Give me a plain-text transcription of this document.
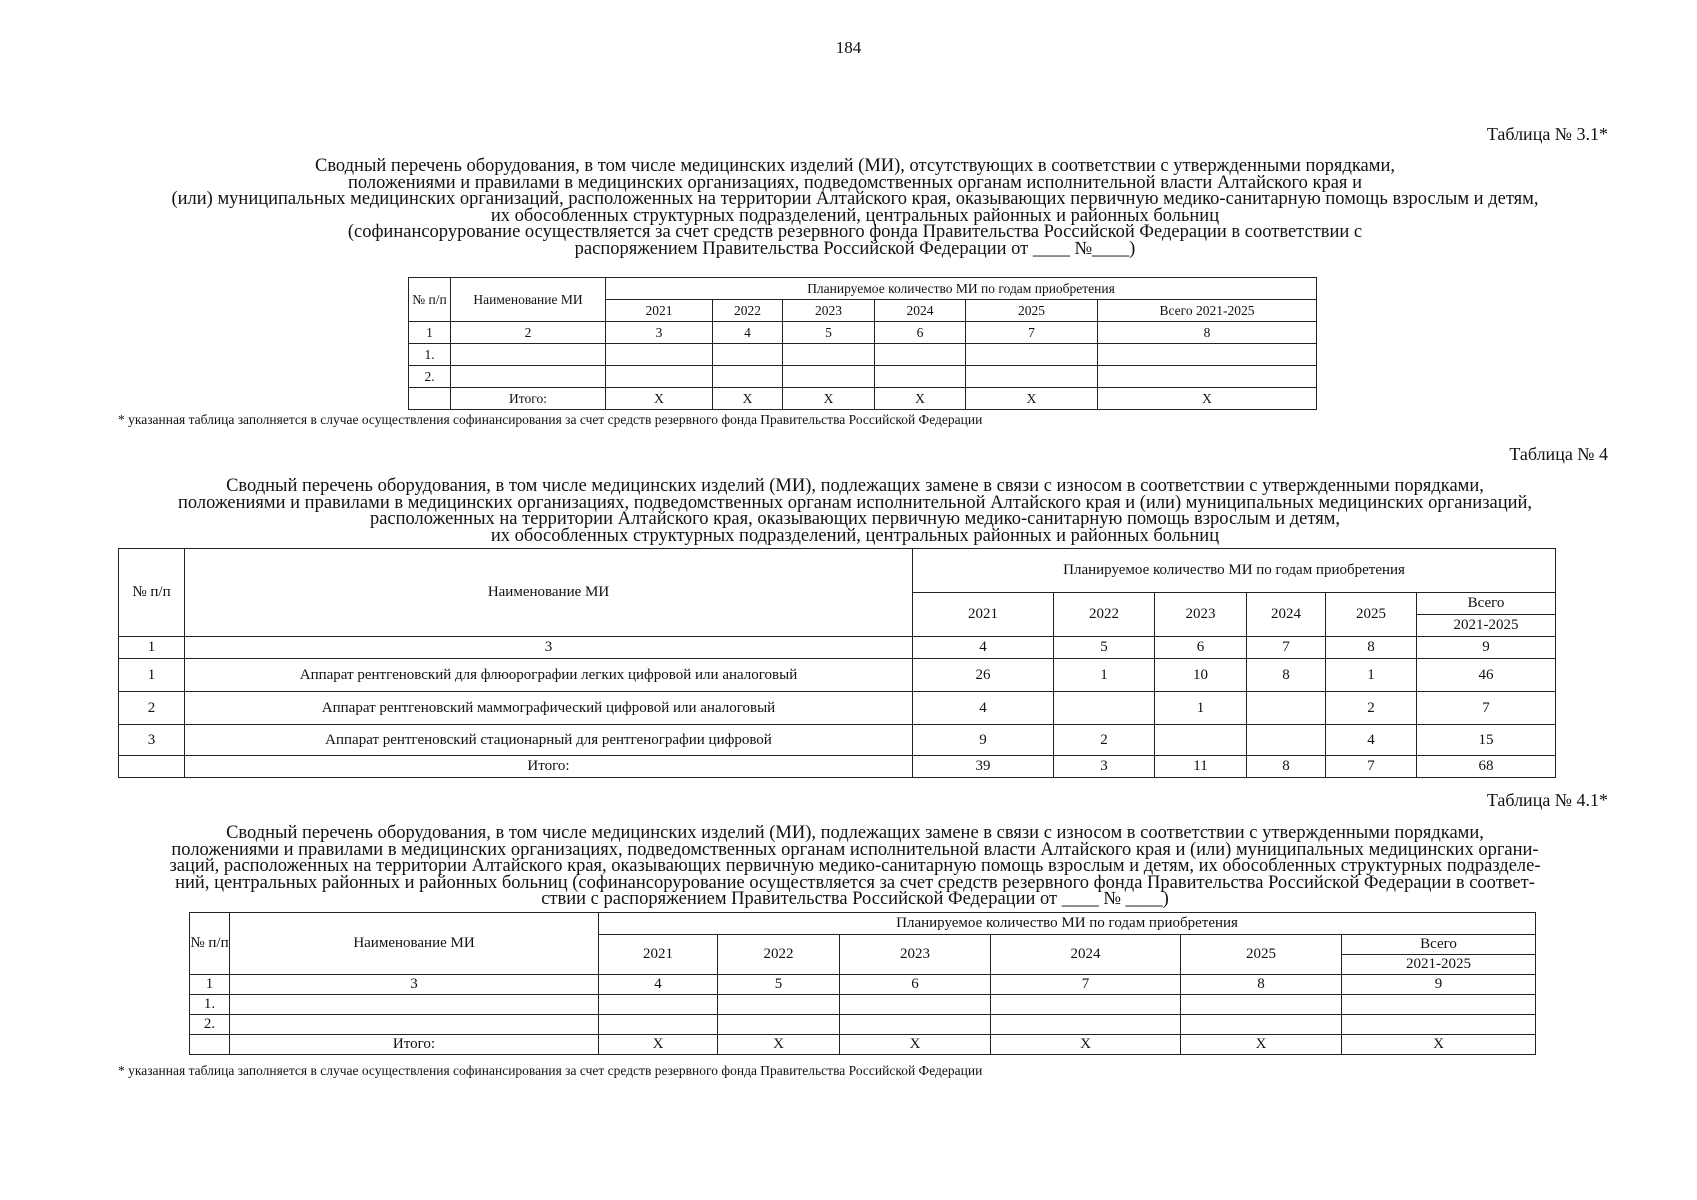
184
Таблица № 3.1*
Сводный перечень оборудования, в том числе медицинских изделий (МИ), отсутствующих в соответствии с утвержденными порядками,
положениями и правилами в медицинских организациях, подведомственных органам исполнительной власти Алтайского края и
(или) муниципальных медицинских организаций, расположенных на территории Алтайского края, оказывающих первичную медико-санитарную помощь взрослым и детям,
их обособленных структурных подразделений, центральных районных и районных больниц
(софинансорурование осуществляется за счет средств резервного фонда Правительства Российской Федерации в соответствии с
распоряжением Правительства Российской Федерации от ____ №____)
№ п/п	Наименование МИ	Планируемое количество МИ по годам приобретения					
		2021	2022	2023	2024	2025	Всего 2021-2025
1	2	3	4	5	6	7	8
1.							
2.							
	Итого:	X	X	X	X	X	X
* указанная таблица заполняется в случае осуществления софинансирования за счет средств резервного фонда Правительства Российской Федерации
Таблица № 4
Сводный перечень оборудования, в том числе медицинских изделий (МИ), подлежащих замене в связи с износом в соответствии с утвержденными порядками,
положениями и правилами в медицинских организациях, подведомственных органам исполнительной Алтайского края и (или) муниципальных медицинских организаций,
расположенных на территории Алтайского края, оказывающих первичную медико-санитарную помощь взрослым и детям,
их обособленных структурных подразделений, центральных районных и районных больниц
№ п/п	Наименование МИ	Планируемое количество МИ по годам приобретения					
		2021	2022	2023	2024	2025	Всего
							2021-2025
1	3	4	5	6	7	8	9
1	Аппарат рентгеновский для флюорографии легких цифровой или аналоговый	26	1	10	8	1	46
2	Аппарат рентгеновский маммографический цифровой или аналоговый	4		1		2	7
3	Аппарат рентгеновский стационарный для рентгенографии цифровой	9	2			4	15
	Итого:	39	3	11	8	7	68
Таблица № 4.1*
Сводный перечень оборудования, в том числе медицинских изделий (МИ), подлежащих замене в связи с износом в соответствии с утвержденными порядками,
положениями и правилами в медицинских организациях, подведомственных органам исполнительной власти Алтайского края и (или) муниципальных медицинских органи-
заций, расположенных на территории Алтайского края, оказывающих первичную медико-санитарную помощь взрослым и детям, их обособленных структурных подразделе-
ний, центральных районных и районных больниц (софинансорурование осуществляется за счет средств резервного фонда Правительства Российской Федерации в соответ-
ствии с распоряжением Правительства Российской Федерации от ____ № ____)
№ п/п	Наименование МИ	Планируемое количество МИ по годам приобретения					
		2021	2022	2023	2024	2025	Всего
							2021-2025
1	3	4	5	6	7	8	9
1.							
2.							
	Итого:	X	X	X	X	X	X
* указанная таблица заполняется в случае осуществления софинансирования за счет средств резервного фонда Правительства Российской Федерации
